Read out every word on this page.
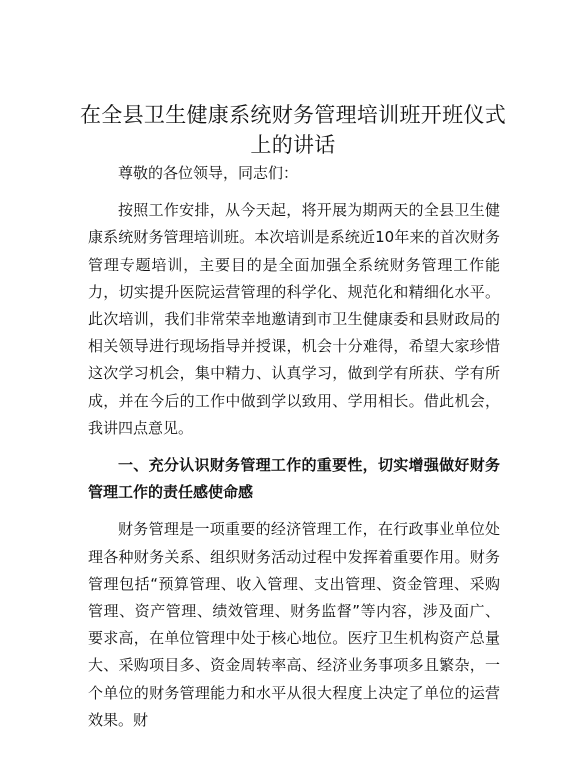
在全县卫生健康系统财务管理培训班开班仪式
上的讲话

尊敬的各位领导，同志们：

按照工作安排，从今天起，将开展为期两天的全县卫生健康系统财务管理培训班。本次培训是系统近10年来的首次财务管理专题培训，主要目的是全面加强全系统财务管理工作能力，切实提升医院运营管理的科学化、规范化和精细化水平。此次培训，我们非常荣幸地邀请到市卫生健康委和县财政局的相关领导进行现场指导并授课，机会十分难得，希望大家珍惜这次学习机会，集中精力、认真学习，做到学有所获、学有所成，并在今后的工作中做到学以致用、学用相长。借此机会，我讲四点意见。

一、充分认识财务管理工作的重要性，切实增强做好财务管理工作的责任感使命感

财务管理是一项重要的经济管理工作，在行政事业单位处理各种财务关系、组织财务活动过程中发挥着重要作用。财务管理包括“预算管理、收入管理、支出管理、资金管理、采购管理、资产管理、绩效管理、财务监督”等内容，涉及面广、要求高，在单位管理中处于核心地位。医疗卫生机构资产总量大、采购项目多、资金周转率高、经济业务事项多且繁杂，一个单位的财务管理能力和水平从很大程度上决定了单位的运营效果。财
